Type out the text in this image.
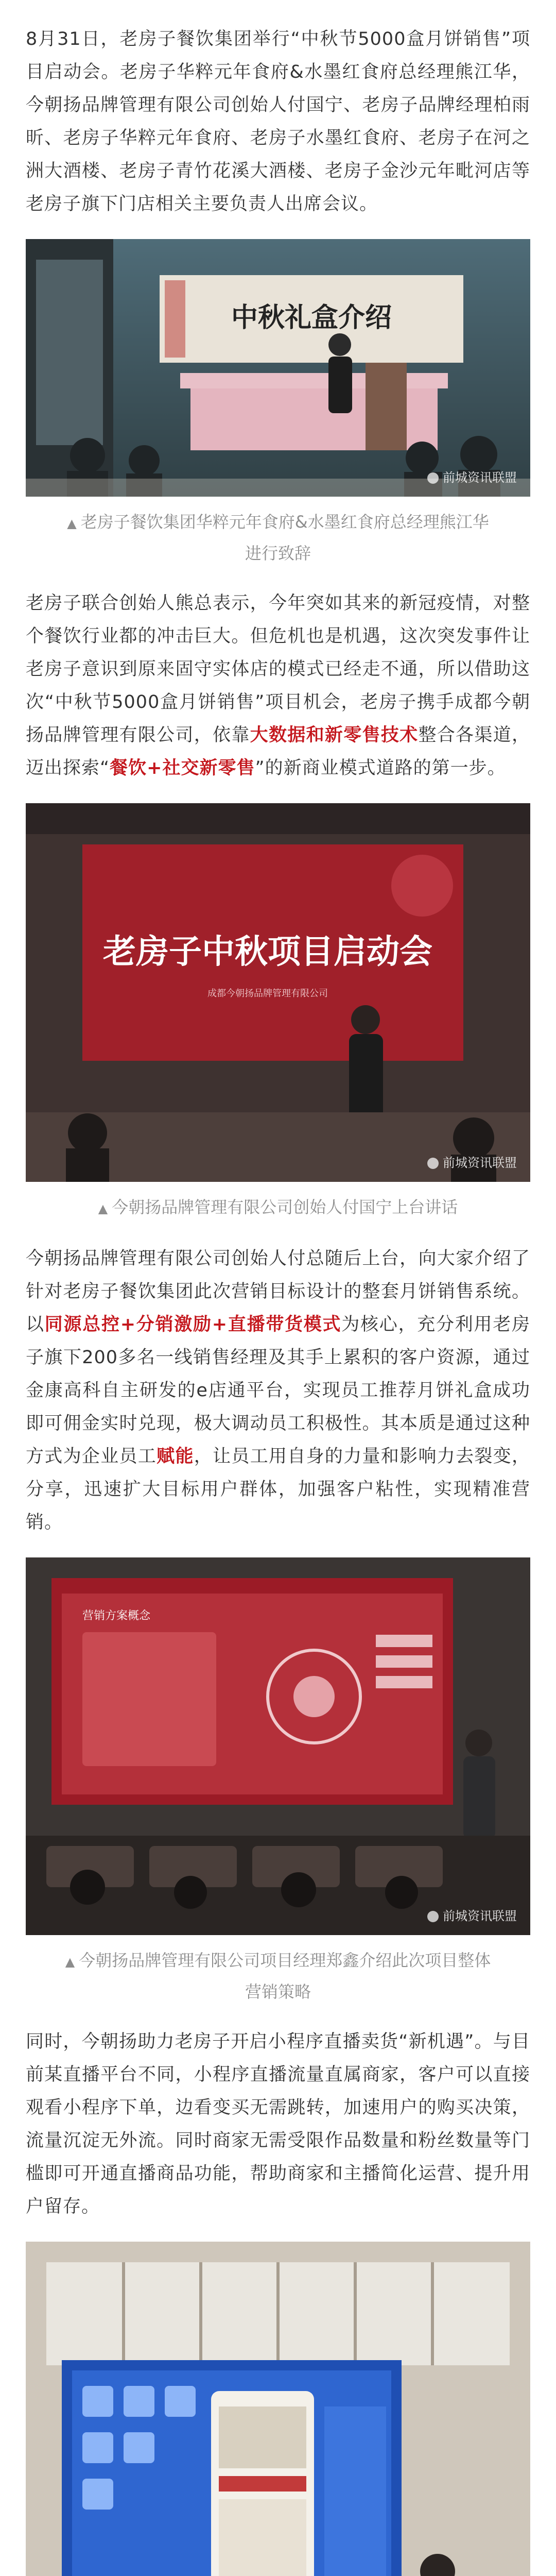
8月31日，老房子餐饮集团举行“中秋节5000盒月饼销售”项目启动会。老房子华粹元年食府&水墨红食府总经理熊江华，今朝扬品牌管理有限公司创始人付国宁、老房子品牌经理柏雨昕、老房子华粹元年食府、老房子水墨红食府、老房子在河之洲大酒楼、老房子青竹花溪大酒楼、老房子金沙元年毗河店等老房子旗下门店相关主要负责人出席会议。

中秋礼盒介绍
前城资讯联盟

▲ 老房子餐饮集团华粹元年食府&水墨红食府总经理熊江华进行致辞

老房子联合创始人熊总表示，今年突如其来的新冠疫情，对整个餐饮行业都的冲击巨大。但危机也是机遇，这次突发事件让老房子意识到原来固守实体店的模式已经走不通，所以借助这次“中秋节5000盒月饼销售”项目机会，老房子携手成都今朝扬品牌管理有限公司，依靠大数据和新零售技术整合各渠道，迈出探索“餐饮+社交新零售”的新商业模式道路的第一步。

老房子中秋项目启动会
成都今朝扬品牌管理有限公司
前城资讯联盟

▲ 今朝扬品牌管理有限公司创始人付国宁上台讲话

今朝扬品牌管理有限公司创始人付总随后上台，向大家介绍了针对老房子餐饮集团此次营销目标设计的整套月饼销售系统。以同源总控+分销激励+直播带货模式为核心，充分利用老房子旗下200多名一线销售经理及其手上累积的客户资源，通过金康高科自主研发的e店通平台，实现员工推荐月饼礼盒成功即可佣金实时兑现，极大调动员工积极性。其本质是通过这种方式为企业员工赋能，让员工用自身的力量和影响力去裂变，分享，迅速扩大目标用户群体，加强客户粘性，实现精准营销。

营销方案概念
前城资讯联盟

▲ 今朝扬品牌管理有限公司项目经理郑鑫介绍此次项目整体营销策略

同时，今朝扬助力老房子开启小程序直播卖货“新机遇”。与目前某直播平台不同，小程序直播流量直属商家，客户可以直接观看小程序下单，边看变买无需跳转，加速用户的购买决策，流量沉淀无外流。同时商家无需受限作品数量和粉丝数量等门槛即可开通直播商品功能，帮助商家和主播简化运营、提升用户留存。
